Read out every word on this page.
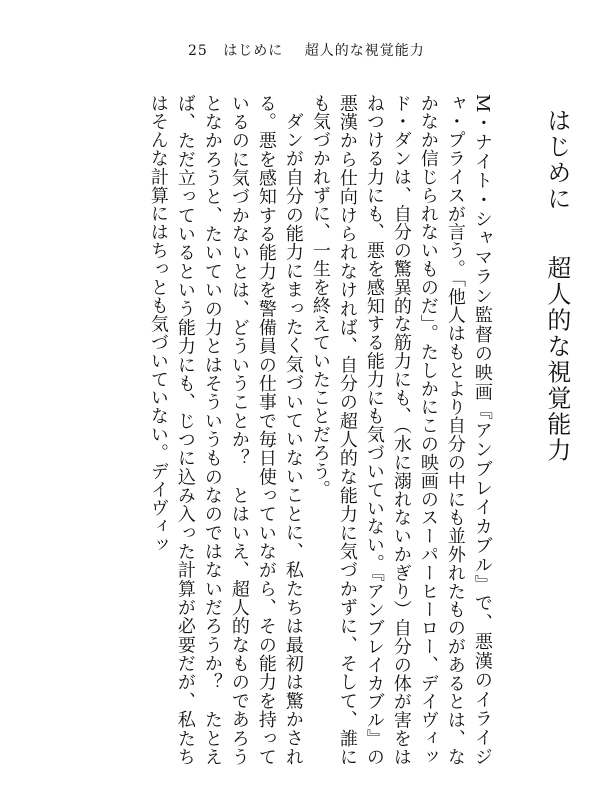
25 はじめに 超人的な視覚能力
はじめに  超人的な視覚能力

M・ナイト・シャマラン監督の映画『アンブレイカブル』で、悪漢のイライジャ・プライスが言う。「他人はもとより自分の中にも並外れたものがあるとは、なかなか信じられないものだ」。たしかにこの映画のスーパーヒーロー、デイヴィッド・ダンは、自分の驚異的な筋力にも、（水に溺れないかぎり）自分の体が害をはねつける力にも、悪を感知する能力にも気づいていない。『アンブレイカブル』の悪漢から仕向けられなければ、自分の超人的な能力に気づかずに、そして、誰にも気づかれずに、一生を終えていたことだろう。

ダンが自分の能力にまったく気づいていないことに、私たちは最初は驚かされる。悪を感知する能力を警備員の仕事で毎日使っていながら、その能力を持っているのに気づかないとは、どういうことか？　とはいえ、超人的なものであろうとなかろうと、たいていの力とはそういうものなのではないだろうか？　たとえば、ただ立っているという能力にも、じつに込み入った計算が必要だが、私たちはそんな計算にはちっとも気づいていない。デイヴィッ
